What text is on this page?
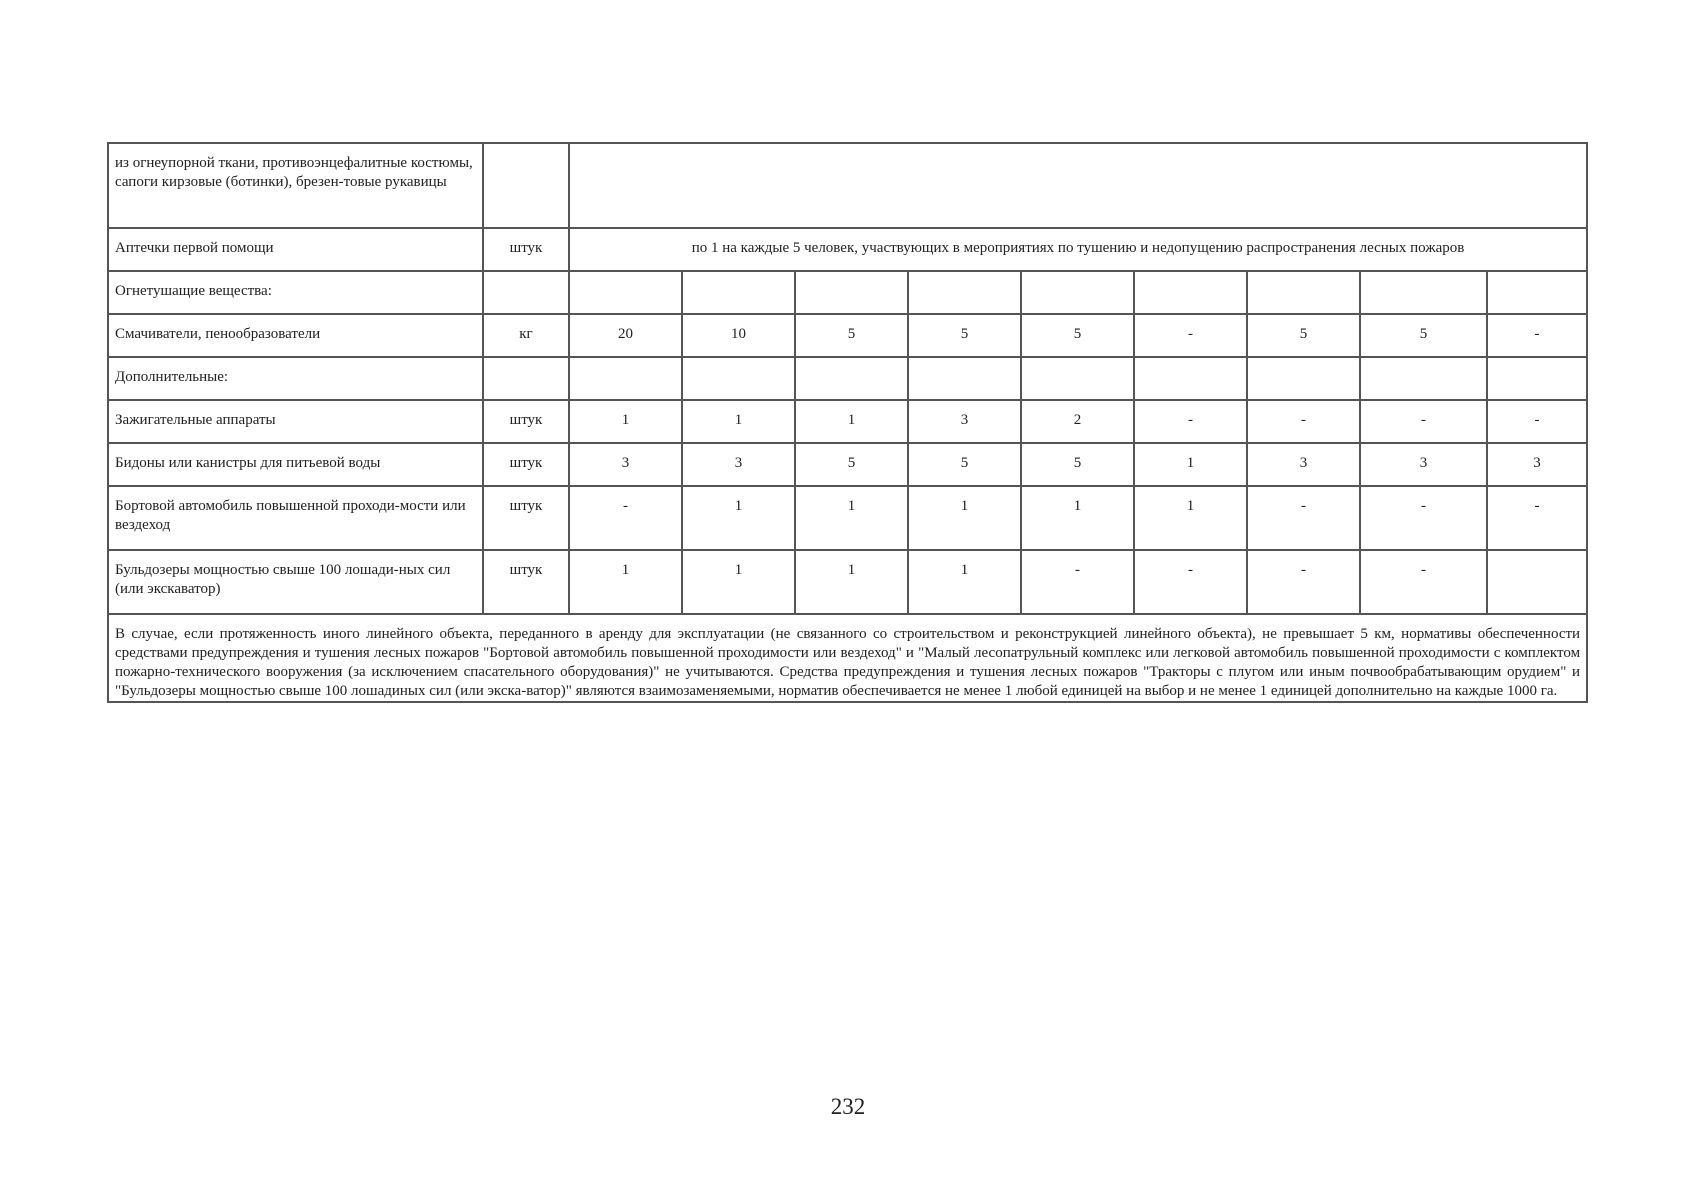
из огнеупорной ткани, противоэнцефалитные костюмы, сапоги кирзовые (ботинки), брезен-товые рукавицы										
Аптечки первой помощи	штук	по 1 на каждые 5 человек, участвующих в мероприятиях по тушению и недопущению распространения лесных пожаров								
Огнетушащие вещества:										
Смачиватели, пенообразователи	кг	20	10	5	5	5	-	5	5	-
Дополнительные:										
Зажигательные аппараты	штук	1	1	1	3	2	-	-	-	-
Бидоны или канистры для питьевой воды	штук	3	3	5	5	5	1	3	3	3
Бортовой автомобиль повышенной проходи-мости или вездеход	штук	-	1	1	1	1	1	-	-	-
Бульдозеры мощностью свыше 100 лошади-ных сил (или экскаватор)	штук	1	1	1	1	-	-	-	-	
В случае, если протяженность иного линейного объекта, переданного в аренду для эксплуатации (не связанного со строительством и реконструкцией линейного объекта), не превышает 5 км, нормативы обеспеченности средствами предупреждения и тушения лесных пожаров "Бортовой автомобиль повышенной проходимости или вездеход" и "Малый лесопатрульный комплекс или легковой автомобиль повышенной проходимости с комплектом пожарно-технического вооружения (за исключением спасательного оборудования)" не учитываются. Средства предупреждения и тушения лесных пожаров "Тракторы с плугом или иным почвообрабатывающим орудием" и "Бульдозеры мощностью свыше 100 лошадиных сил (или экска-ватор)" являются взаимозаменяемыми, норматив обеспечивается не менее 1 любой единицей на выбор и не менее 1 единицей дополнительно на каждые 1000 га.										
232
